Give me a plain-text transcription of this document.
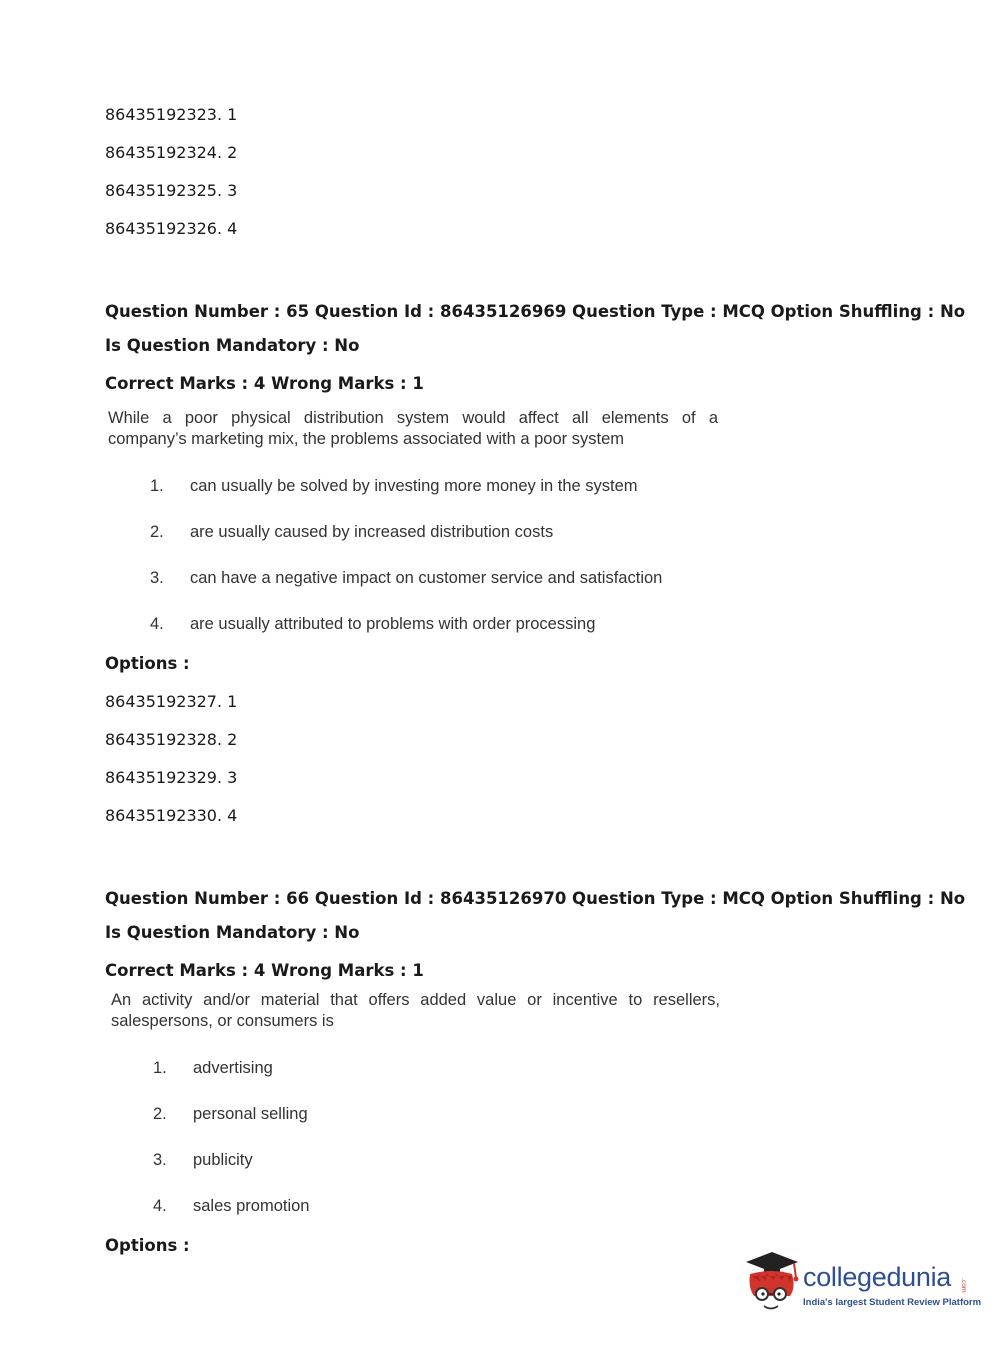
86435192323. 1
86435192324. 2
86435192325. 3
86435192326. 4
Question Number : 65 Question Id : 86435126969 Question Type : MCQ Option Shuffling : No
Is Question Mandatory : No
Correct Marks : 4 Wrong Marks : 1
While a poor physical distribution system would affect all elements of a
company’s marketing mix, the problems associated with a poor system
1. can usually be solved by investing more money in the system
2. are usually caused by increased distribution costs
3. can have a negative impact on customer service and satisfaction
4. are usually attributed to problems with order processing
Options :
86435192327. 1
86435192328. 2
86435192329. 3
86435192330. 4
Question Number : 66 Question Id : 86435126970 Question Type : MCQ Option Shuffling : No
Is Question Mandatory : No
Correct Marks : 4 Wrong Marks : 1
An activity and/or material that offers added value or incentive to resellers,
salespersons, or consumers is
1. advertising
2. personal selling
3. publicity
4. sales promotion
Options :
collegedunia .com
India's largest Student Review Platform
